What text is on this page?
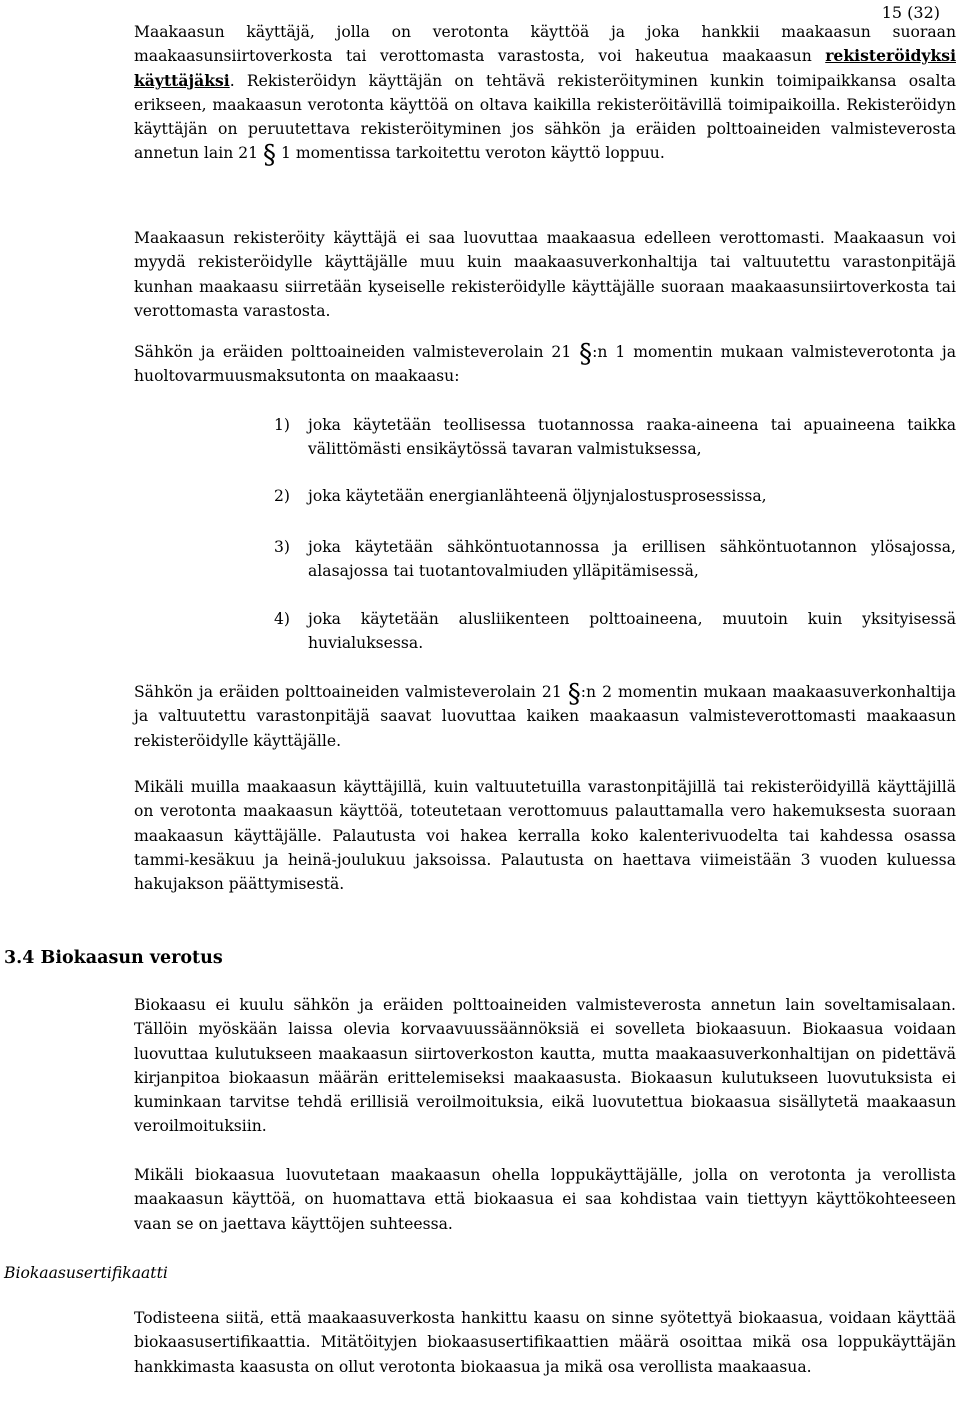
15 (32)

Maakaasun käyttäjä, jolla on verotonta käyttöä ja joka hankkii maakaasun suoraan maakaasunsiirtoverkosta tai verottomasta varastosta, voi hakeutua maakaasun rekisteröidyksi käyttäjäksi. Rekisteröidyn käyttäjän on tehtävä rekisteröityminen kunkin toimipaikkansa osalta erikseen, maakaasun verotonta käyttöä on oltava kaikilla rekisteröitävillä toimipaikoilla. Rekisteröidyn käyttäjän on peruutettava rekisteröityminen jos sähkön ja eräiden polttoaineiden valmisteverosta annetun lain 21 § 1 momentissa tarkoitettu veroton käyttö loppuu.

Maakaasun rekisteröity käyttäjä ei saa luovuttaa maakaasua edelleen verottomasti. Maakaasun voi myydä rekisteröidylle käyttäjälle muu kuin maakaasuverkonhaltija tai valtuutettu varastonpitäjä kunhan maakaasu siirretään kyseiselle rekisteröidylle käyttäjälle suoraan maakaasunsiirtoverkosta tai verottomasta varastosta.

Sähkön ja eräiden polttoaineiden valmisteverolain 21 §:n 1 momentin mukaan valmisteverotonta ja huoltovarmuusmaksutonta on maakaasu:

1) joka käytetään teollisessa tuotannossa raaka-aineena tai apuaineena taikka välittömästi ensikäytössä tavaran valmistuksessa,
2) joka käytetään energianlähteenä öljynjalostusprosessissa,
3) joka käytetään sähköntuotannossa ja erillisen sähköntuotannon ylösajossa, alasajossa tai tuotantovalmiuden ylläpitämisessä,
4) joka käytetään alusliikenteen polttoaineena, muutoin kuin yksityisessä huvialuksessa.

Sähkön ja eräiden polttoaineiden valmisteverolain 21 §:n 2 momentin mukaan maakaasuverkonhaltija ja valtuutettu varastonpitäjä saavat luovuttaa kaiken maakaasun valmisteverottomasti maakaasun rekisteröidylle käyttäjälle.

Mikäli muilla maakaasun käyttäjillä, kuin valtuutetuilla varastonpitäjillä tai rekisteröidyillä käyttäjillä on verotonta maakaasun käyttöä, toteutetaan verottomuus palauttamalla vero hakemuksesta suoraan maakaasun käyttäjälle. Palautusta voi hakea kerralla koko kalenterivuodelta tai kahdessa osassa tammi-kesäkuu ja heinä-joulukuu jaksoissa. Palautusta on haettava viimeistään 3 vuoden kuluessa hakujakson päättymisestä.

3.4 Biokaasun verotus

Biokaasu ei kuulu sähkön ja eräiden polttoaineiden valmisteverosta annetun lain soveltamisalaan. Tällöin myöskään laissa olevia korvaavuussäännöksiä ei sovelleta biokaasuun. Biokaasua voidaan luovuttaa kulutukseen maakaasun siirtoverkoston kautta, mutta maakaasuverkonhaltijan on pidettävä kirjanpitoa biokaasun määrän erittelemiseksi maakaasusta. Biokaasun kulutukseen luovutuksista ei kuminkaan tarvitse tehdä erillisiä veroilmoituksia, eikä luovutettua biokaasua sisällytetä maakaasun veroilmoituksiin.

Mikäli biokaasua luovutetaan maakaasun ohella loppukäyttäjälle, jolla on verotonta ja verollista maakaasun käyttöä, on huomattava että biokaasua ei saa kohdistaa vain tiettyyn käyttökohteeseen vaan se on jaettava käyttöjen suhteessa.

Biokaasusertifikaatti

Todisteena siitä, että maakaasuverkosta hankittu kaasu on sinne syötettyä biokaasua, voidaan käyttää biokaasusertifikaattia. Mitätöityjen biokaasusertifikaattien määrä osoittaa mikä osa loppukäyttäjän hankkimasta kaasusta on ollut verotonta biokaasua ja mikä osa verollista maakaasua.
